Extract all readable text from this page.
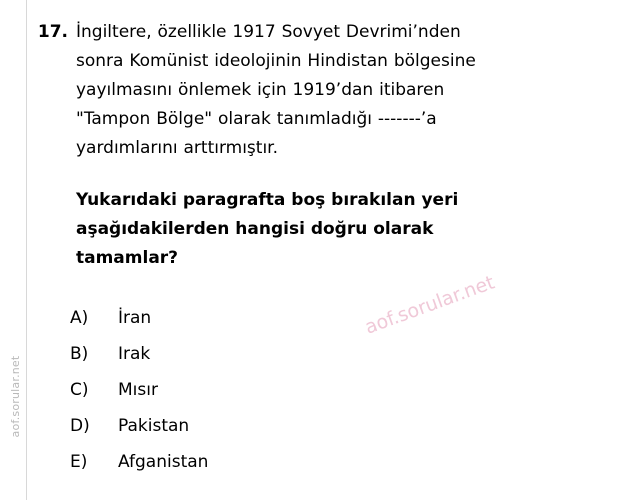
aof.sorular.net
17. İngiltere, özellikle 1917 Sovyet Devrimi’nden
sonra Komünist ideolojinin Hindistan bölgesine
yayılmasını önlemek için 1919’dan itibaren
"Tampon Bölge" olarak tanımladığı -------’a
yardımlarını arttırmıştır.
Yukarıdaki paragrafta boş bırakılan yeri
aşağıdakilerden hangisi doğru olarak
tamamlar?
A)	İran
B)	Irak
C)	Mısır
D)	Pakistan
E)	Afganistan
aof.sorular.net
